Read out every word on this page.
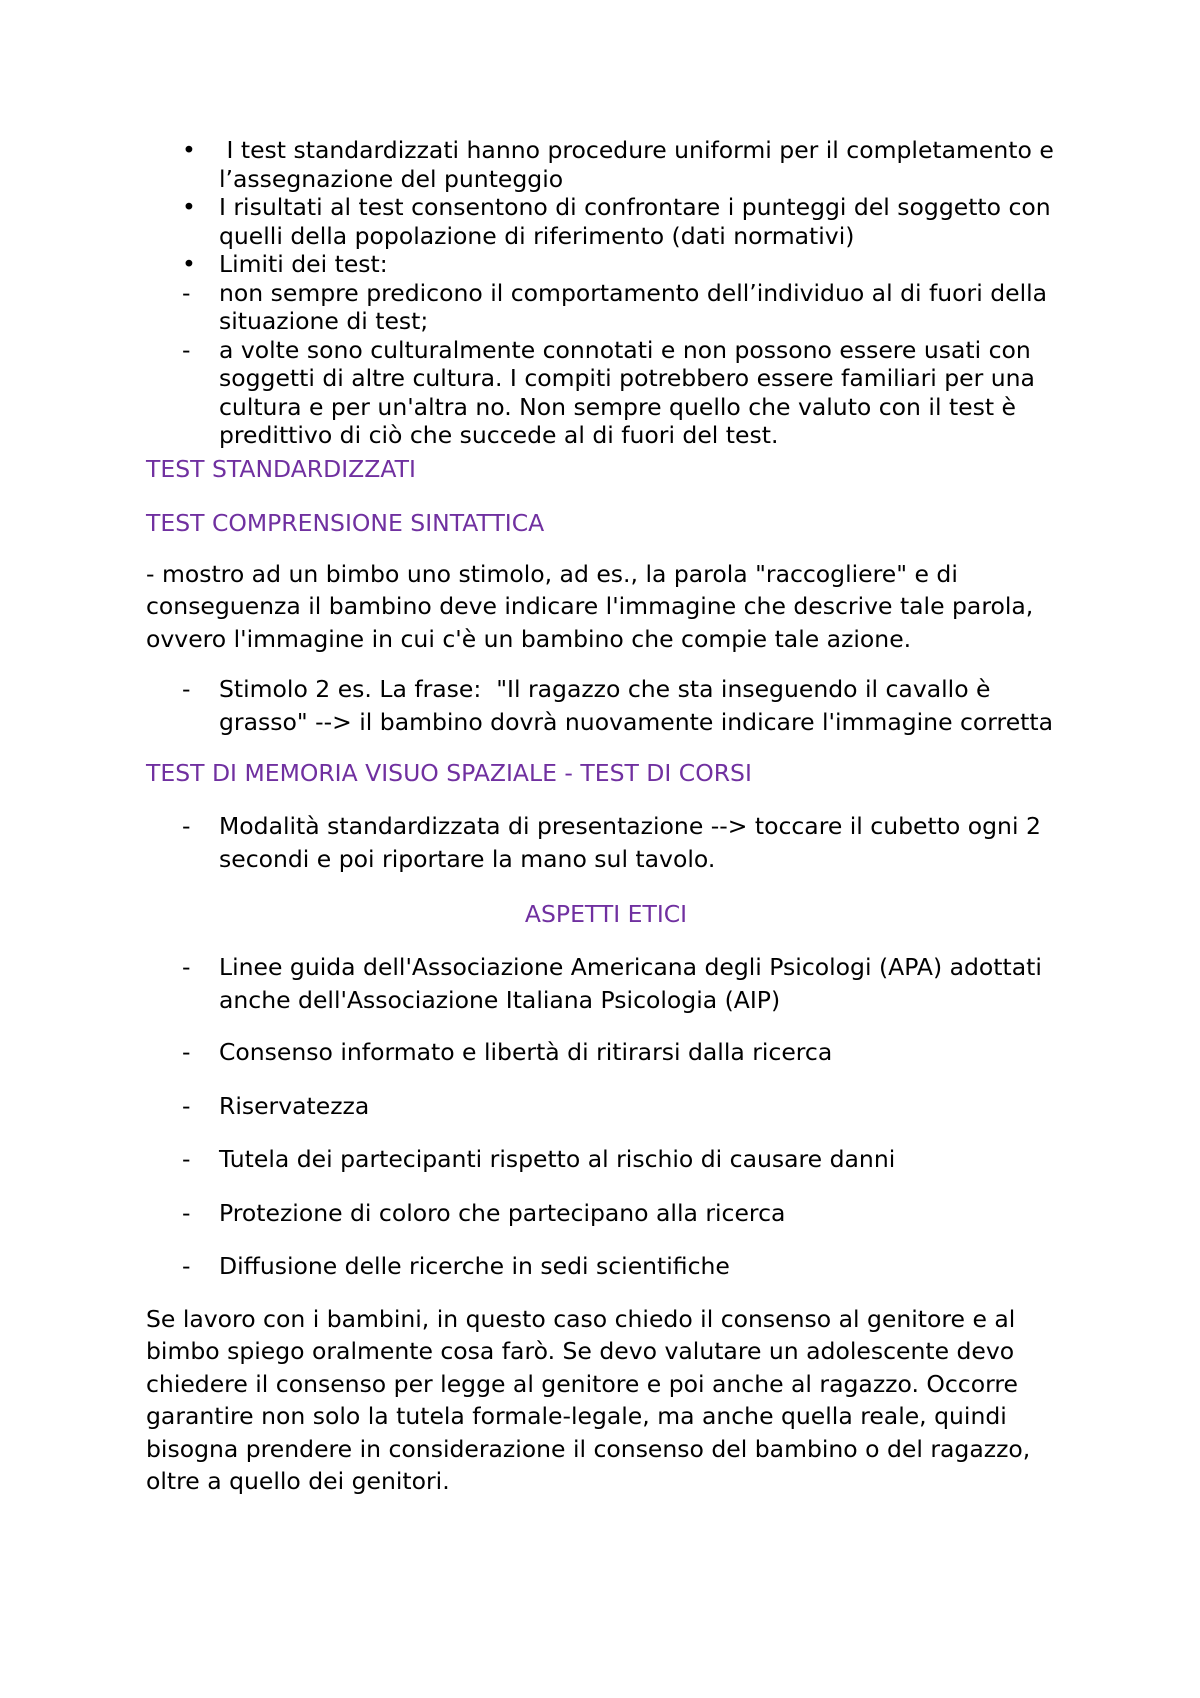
• I test standardizzati hanno procedure uniformi per il completamento e l’assegnazione del punteggio
• I risultati al test consentono di confrontare i punteggi del soggetto con quelli della popolazione di riferimento (dati normativi)
• Limiti dei test:
- non sempre predicono il comportamento dell’individuo al di fuori della situazione di test;
- a volte sono culturalmente connotati e non possono essere usati con soggetti di altre cultura. I compiti potrebbero essere familiari per una cultura e per un'altra no. Non sempre quello che valuto con il test è predittivo di ciò che succede al di fuori del test.
TEST STANDARDIZZATI
TEST COMPRENSIONE SINTATTICA
- mostro ad un bimbo uno stimolo, ad es., la parola "raccogliere" e di conseguenza il bambino deve indicare l'immagine che descrive tale parola, ovvero l'immagine in cui c'è un bambino che compie tale azione.
- Stimolo 2 es. La frase:  "Il ragazzo che sta inseguendo il cavallo è grasso" --> il bambino dovrà nuovamente indicare l'immagine corretta
TEST DI MEMORIA VISUO SPAZIALE - TEST DI CORSI
- Modalità standardizzata di presentazione --> toccare il cubetto ogni 2 secondi e poi riportare la mano sul tavolo.
ASPETTI ETICI
- Linee guida dell'Associazione Americana degli Psicologi (APA) adottati anche dell'Associazione Italiana Psicologia (AIP)
- Consenso informato e libertà di ritirarsi dalla ricerca
- Riservatezza
- Tutela dei partecipanti rispetto al rischio di causare danni
- Protezione di coloro che partecipano alla ricerca
- Diffusione delle ricerche in sedi scientifiche
Se lavoro con i bambini, in questo caso chiedo il consenso al genitore e al bimbo spiego oralmente cosa farò. Se devo valutare un adolescente devo chiedere il consenso per legge al genitore e poi anche al ragazzo. Occorre garantire non solo la tutela formale-legale, ma anche quella reale, quindi bisogna prendere in considerazione il consenso del bambino o del ragazzo, oltre a quello dei genitori.
